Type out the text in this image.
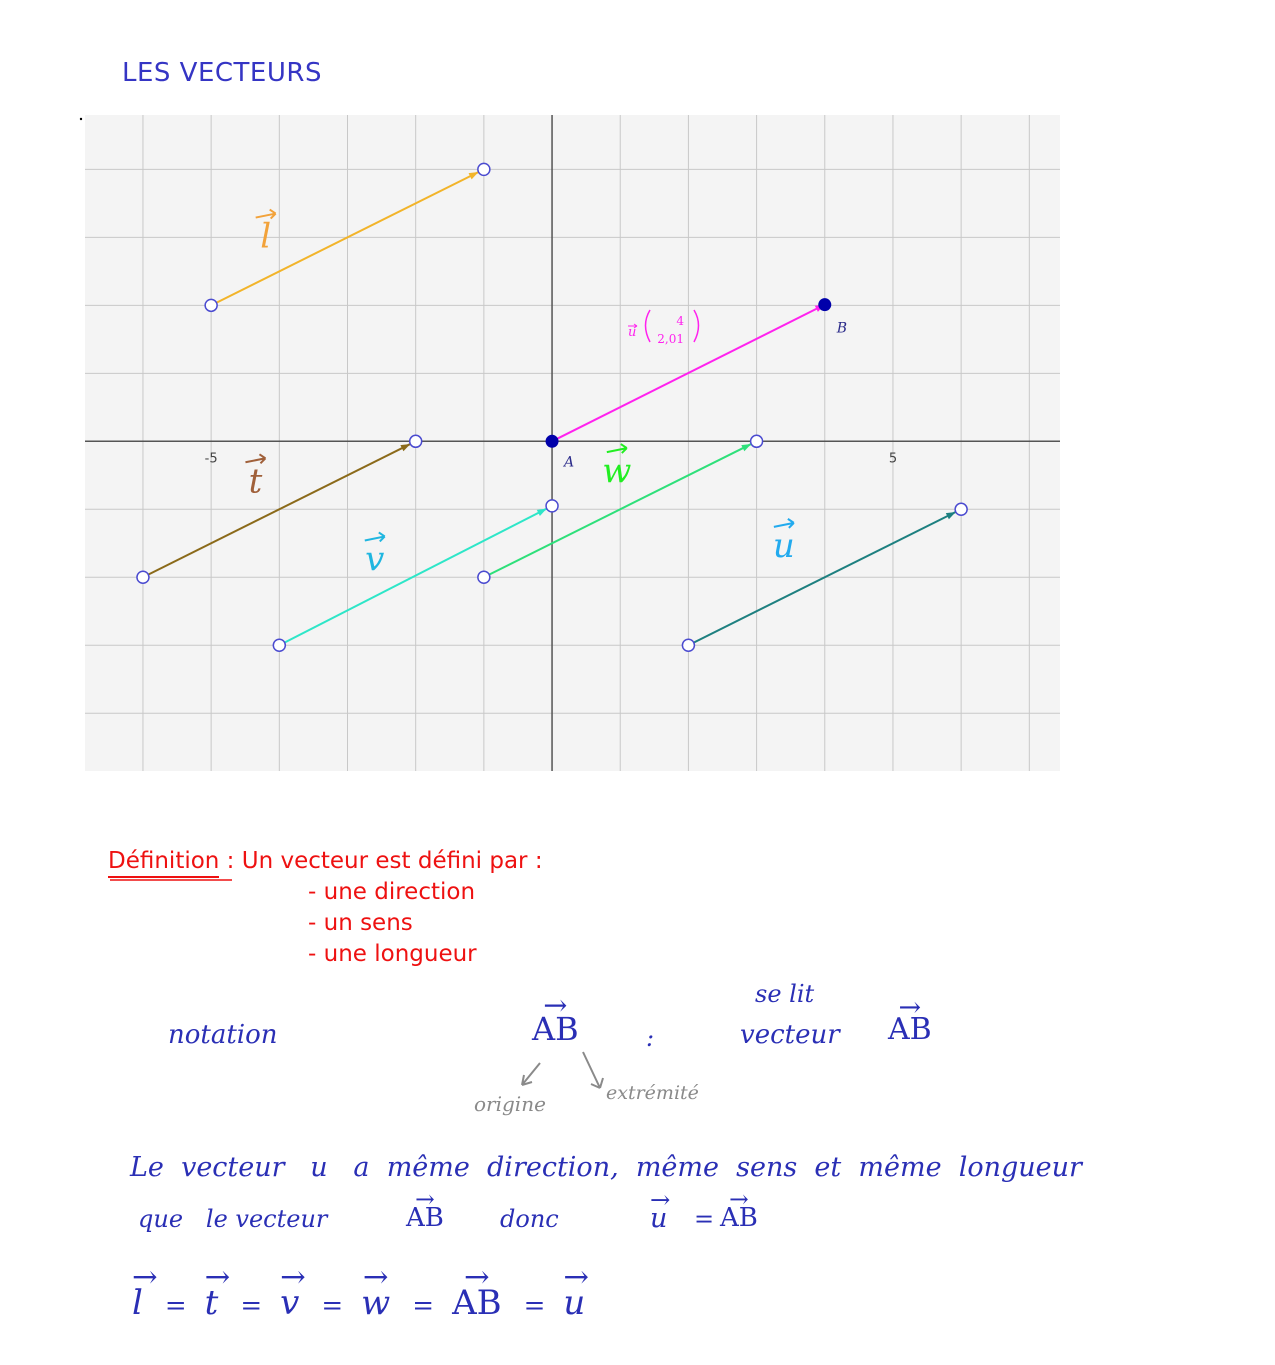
LES VECTEURS
-5	5
l
t
v
w
u
A
B
u
4
2,01
Définition : Un vecteur est défini par :
- une direction
- un sens
- une longueur
notation	→ AB	:
se lit
vecteur → AB
origine	extrémité
Le  vecteur   u   a  même  direction,  même  sens  et  même  longueur
que   le vecteur	→ AB donc	→ u = → AB
→ l = → t = → v = → w = → AB = → u
